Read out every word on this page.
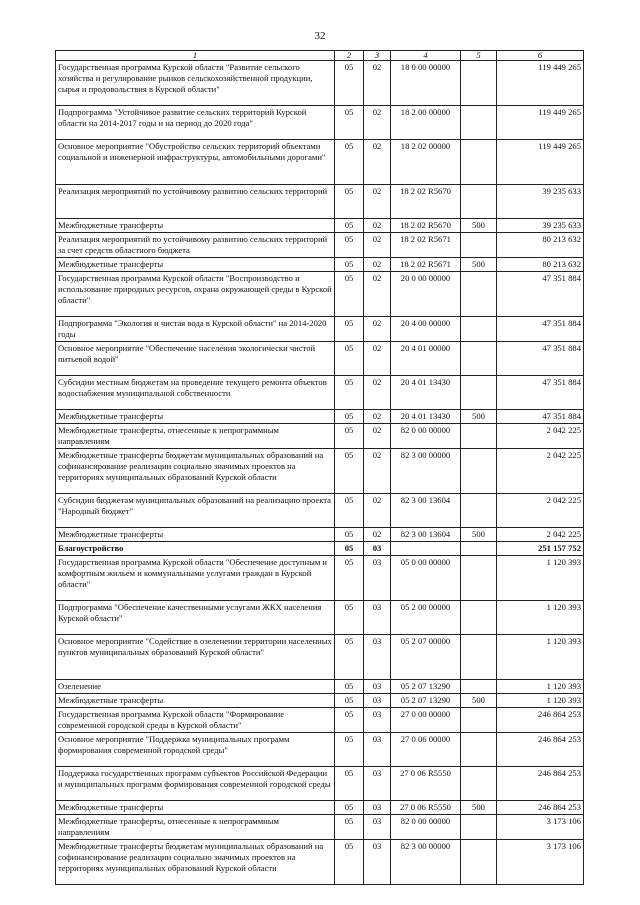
32
1	2	3	4	5	6
Государственная программа Курской области "Развитие сельского хозяйства и регулирование рынков сельскохозяйственной продукции, сырья и продовольствия в Курской области"	05	02	18 0 00 00000		119 449 265
Подпрограмма "Устойчивое развитие сельских территорий Курской области на 2014-2017 годы и на период до 2020 года"	05	02	18 2 00 00000		119 449 265
Основное мероприятие "Обустройство сельских территорий объектами социальной и инженерной инфраструктуры, автомобильными дорогами"	05	02	18 2 02 00000		119 449 265
Реализация мероприятий по устойчивому развитию сельских территорий	05	02	18 2 02 R5670		39 235 633
Межбюджетные трансферты	05	02	18 2 02 R5670	500	39 235 633
Реализация мероприятий по устойчивому развитию сельских территорий за счет средств областного бюджета	05	02	18 2 02 R5671		80 213 632
Межбюджетные трансферты	05	02	18 2 02 R5671	500	80 213 632
Государственная программа Курской области "Воспроизводство и использование природных ресурсов, охрана окружающей среды в Курской области"	05	02	20 0 00 00000		47 351 884
Подпрограмма "Экология и чистая вода в Курской области" на 2014-2020 годы	05	02	20 4 00 00000		47 351 884
Основное мероприятие "Обеспечение населения экологически чистой питьевой водой"	05	02	20 4 01 00000		47 351 884
Субсидии местным бюджетам на проведение текущего ремонта объектов водоснабжения муниципальной собственности	05	02	20 4 01 13430		47 351 884
Межбюджетные трансферты	05	02	20 4 01 13430	500	47 351 884
Межбюджетные трансферты, отнесенные к непрограммным направлениям	05	02	82 0 00 00000		2 042 225
Межбюджетные трансферты бюджетам муниципальных образований на софинансирование реализации социально значимых проектов на территориях муниципальных образований Курской области	05	02	82 3 00 00000		2 042 225
Субсидии бюджетам муниципальных образований на реализацию проекта "Народный бюджет"	05	02	82 3 00 13604		2 042 225
Межбюджетные трансферты	05	02	82 3 00 13604	500	2 042 225
Благоустройство	05	03			251 157 752
Государственная программа Курской области "Обеспечение доступным и комфортным жильем и коммунальными услугами граждан в Курской области"	05	03	05 0 00 00000		1 120 393
Подпрограмма "Обеспечение качественными услугами ЖКХ населения Курской области"	05	03	05 2 00 00000		1 120 393
Основное мероприятие "Содействие в озеленении территории населенных пунктов муниципальных образований Курской области"	05	03	05 2 07 00000		1 120 393
Озеленение	05	03	05 2 07 13290		1 120 393
Межбюджетные трансферты	05	03	05 2 07 13290	500	1 120 393
Государственная программа Курской области "Формирование современной городской среды в Курской области"	05	03	27 0 00 00000		246 864 253
Основное мероприятие "Поддержка муниципальных программ формирования современной городской среды"	05	03	27 0 06 00000		246 864 253
Поддержка государственных программ субъектов Российской Федерации и муниципальных программ формирования современной городской среды	05	03	27 0 06 R5550		246 864 253
Межбюджетные трансферты	05	03	27 0 06 R5550	500	246 864 253
Межбюджетные трансферты, отнесенные к непрограммным направлениям	05	03	82 0 00 00000		3 173 106
Межбюджетные трансферты бюджетам муниципальных образований на софинансирование реализации социально значимых проектов на территориях муниципальных образований Курской области	05	03	82 3 00 00000		3 173 106
